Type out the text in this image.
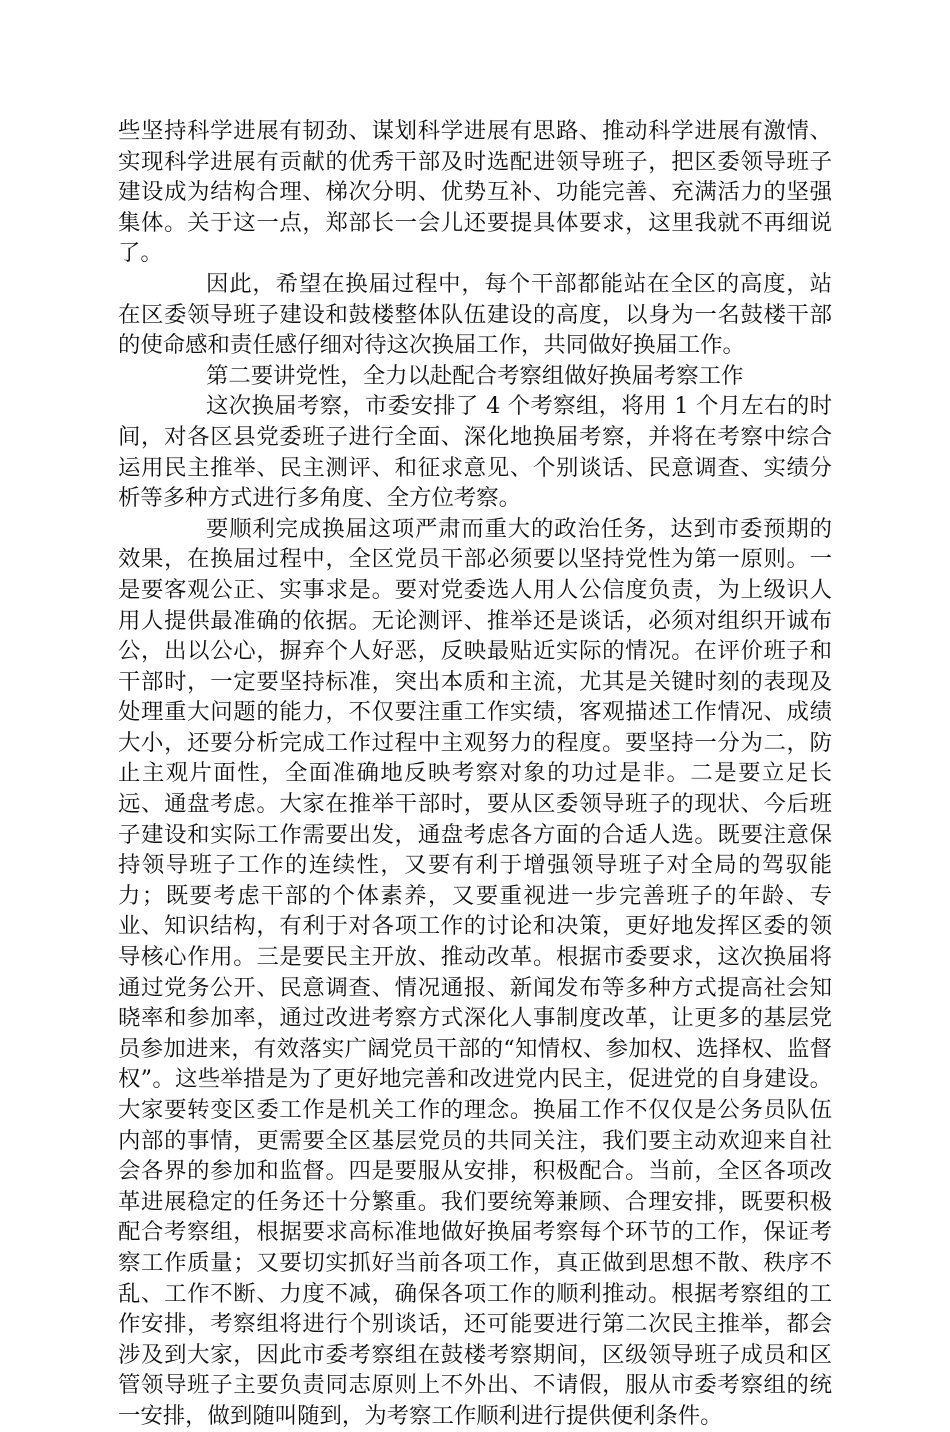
些坚持科学进展有韧劲、谋划科学进展有思路、推动科学进展有激情、实现科学进展有贡献的优秀干部及时选配进领导班子，把区委领导班子建设成为结构合理、梯次分明、优势互补、功能完善、充满活力的坚强集体。关于这一点，郑部长一会儿还要提具体要求，这里我就不再细说了。

因此，希望在换届过程中，每个干部都能站在全区的高度，站在区委领导班子建设和鼓楼整体队伍建设的高度，以身为一名鼓楼干部的使命感和责任感仔细对待这次换届工作，共同做好换届工作。

第二要讲党性，全力以赴配合考察组做好换届考察工作

这次换届考察，市委安排了 4 个考察组，将用 1 个月左右的时间，对各区县党委班子进行全面、深化地换届考察，并将在考察中综合运用民主推举、民主测评、和征求意见、个别谈话、民意调查、实绩分析等多种方式进行多角度、全方位考察。

要顺利完成换届这项严肃而重大的政治任务，达到市委预期的效果，在换届过程中，全区党员干部必须要以坚持党性为第一原则。一是要客观公正、实事求是。要对党委选人用人公信度负责，为上级识人用人提供最准确的依据。无论测评、推举还是谈话，必须对组织开诚布公，出以公心，摒弃个人好恶，反映最贴近实际的情况。在评价班子和干部时，一定要坚持标准，突出本质和主流，尤其是关键时刻的表现及处理重大问题的能力，不仅要注重工作实绩，客观描述工作情况、成绩大小，还要分析完成工作过程中主观努力的程度。要坚持一分为二，防止主观片面性，全面准确地反映考察对象的功过是非。二是要立足长远、通盘考虑。大家在推举干部时，要从区委领导班子的现状、今后班子建设和实际工作需要出发，通盘考虑各方面的合适人选。既要注意保持领导班子工作的连续性，又要有利于增强领导班子对全局的驾驭能力；既要考虑干部的个体素养，又要重视进一步完善班子的年龄、专业、知识结构，有利于对各项工作的讨论和决策，更好地发挥区委的领导核心作用。三是要民主开放、推动改革。根据市委要求，这次换届将通过党务公开、民意调查、情况通报、新闻发布等多种方式提高社会知晓率和参加率，通过改进考察方式深化人事制度改革，让更多的基层党员参加进来，有效落实广阔党员干部的“知情权、参加权、选择权、监督权”。这些举措是为了更好地完善和改进党内民主，促进党的自身建设。大家要转变区委工作是机关工作的理念。换届工作不仅仅是公务员队伍内部的事情，更需要全区基层党员的共同关注，我们要主动欢迎来自社会各界的参加和监督。四是要服从安排，积极配合。当前，全区各项改革进展稳定的任务还十分繁重。我们要统筹兼顾、合理安排，既要积极配合考察组，根据要求高标准地做好换届考察每个环节的工作，保证考察工作质量；又要切实抓好当前各项工作，真正做到思想不散、秩序不乱、工作不断、力度不减，确保各项工作的顺利推动。根据考察组的工作安排，考察组将进行个别谈话，还可能要进行第二次民主推举，都会涉及到大家，因此市委考察组在鼓楼考察期间，区级领导班子成员和区管领导班子主要负责同志原则上不外出、不请假，服从市委考察组的统一安排，做到随叫随到，为考察工作顺利进行提供便利条件。
